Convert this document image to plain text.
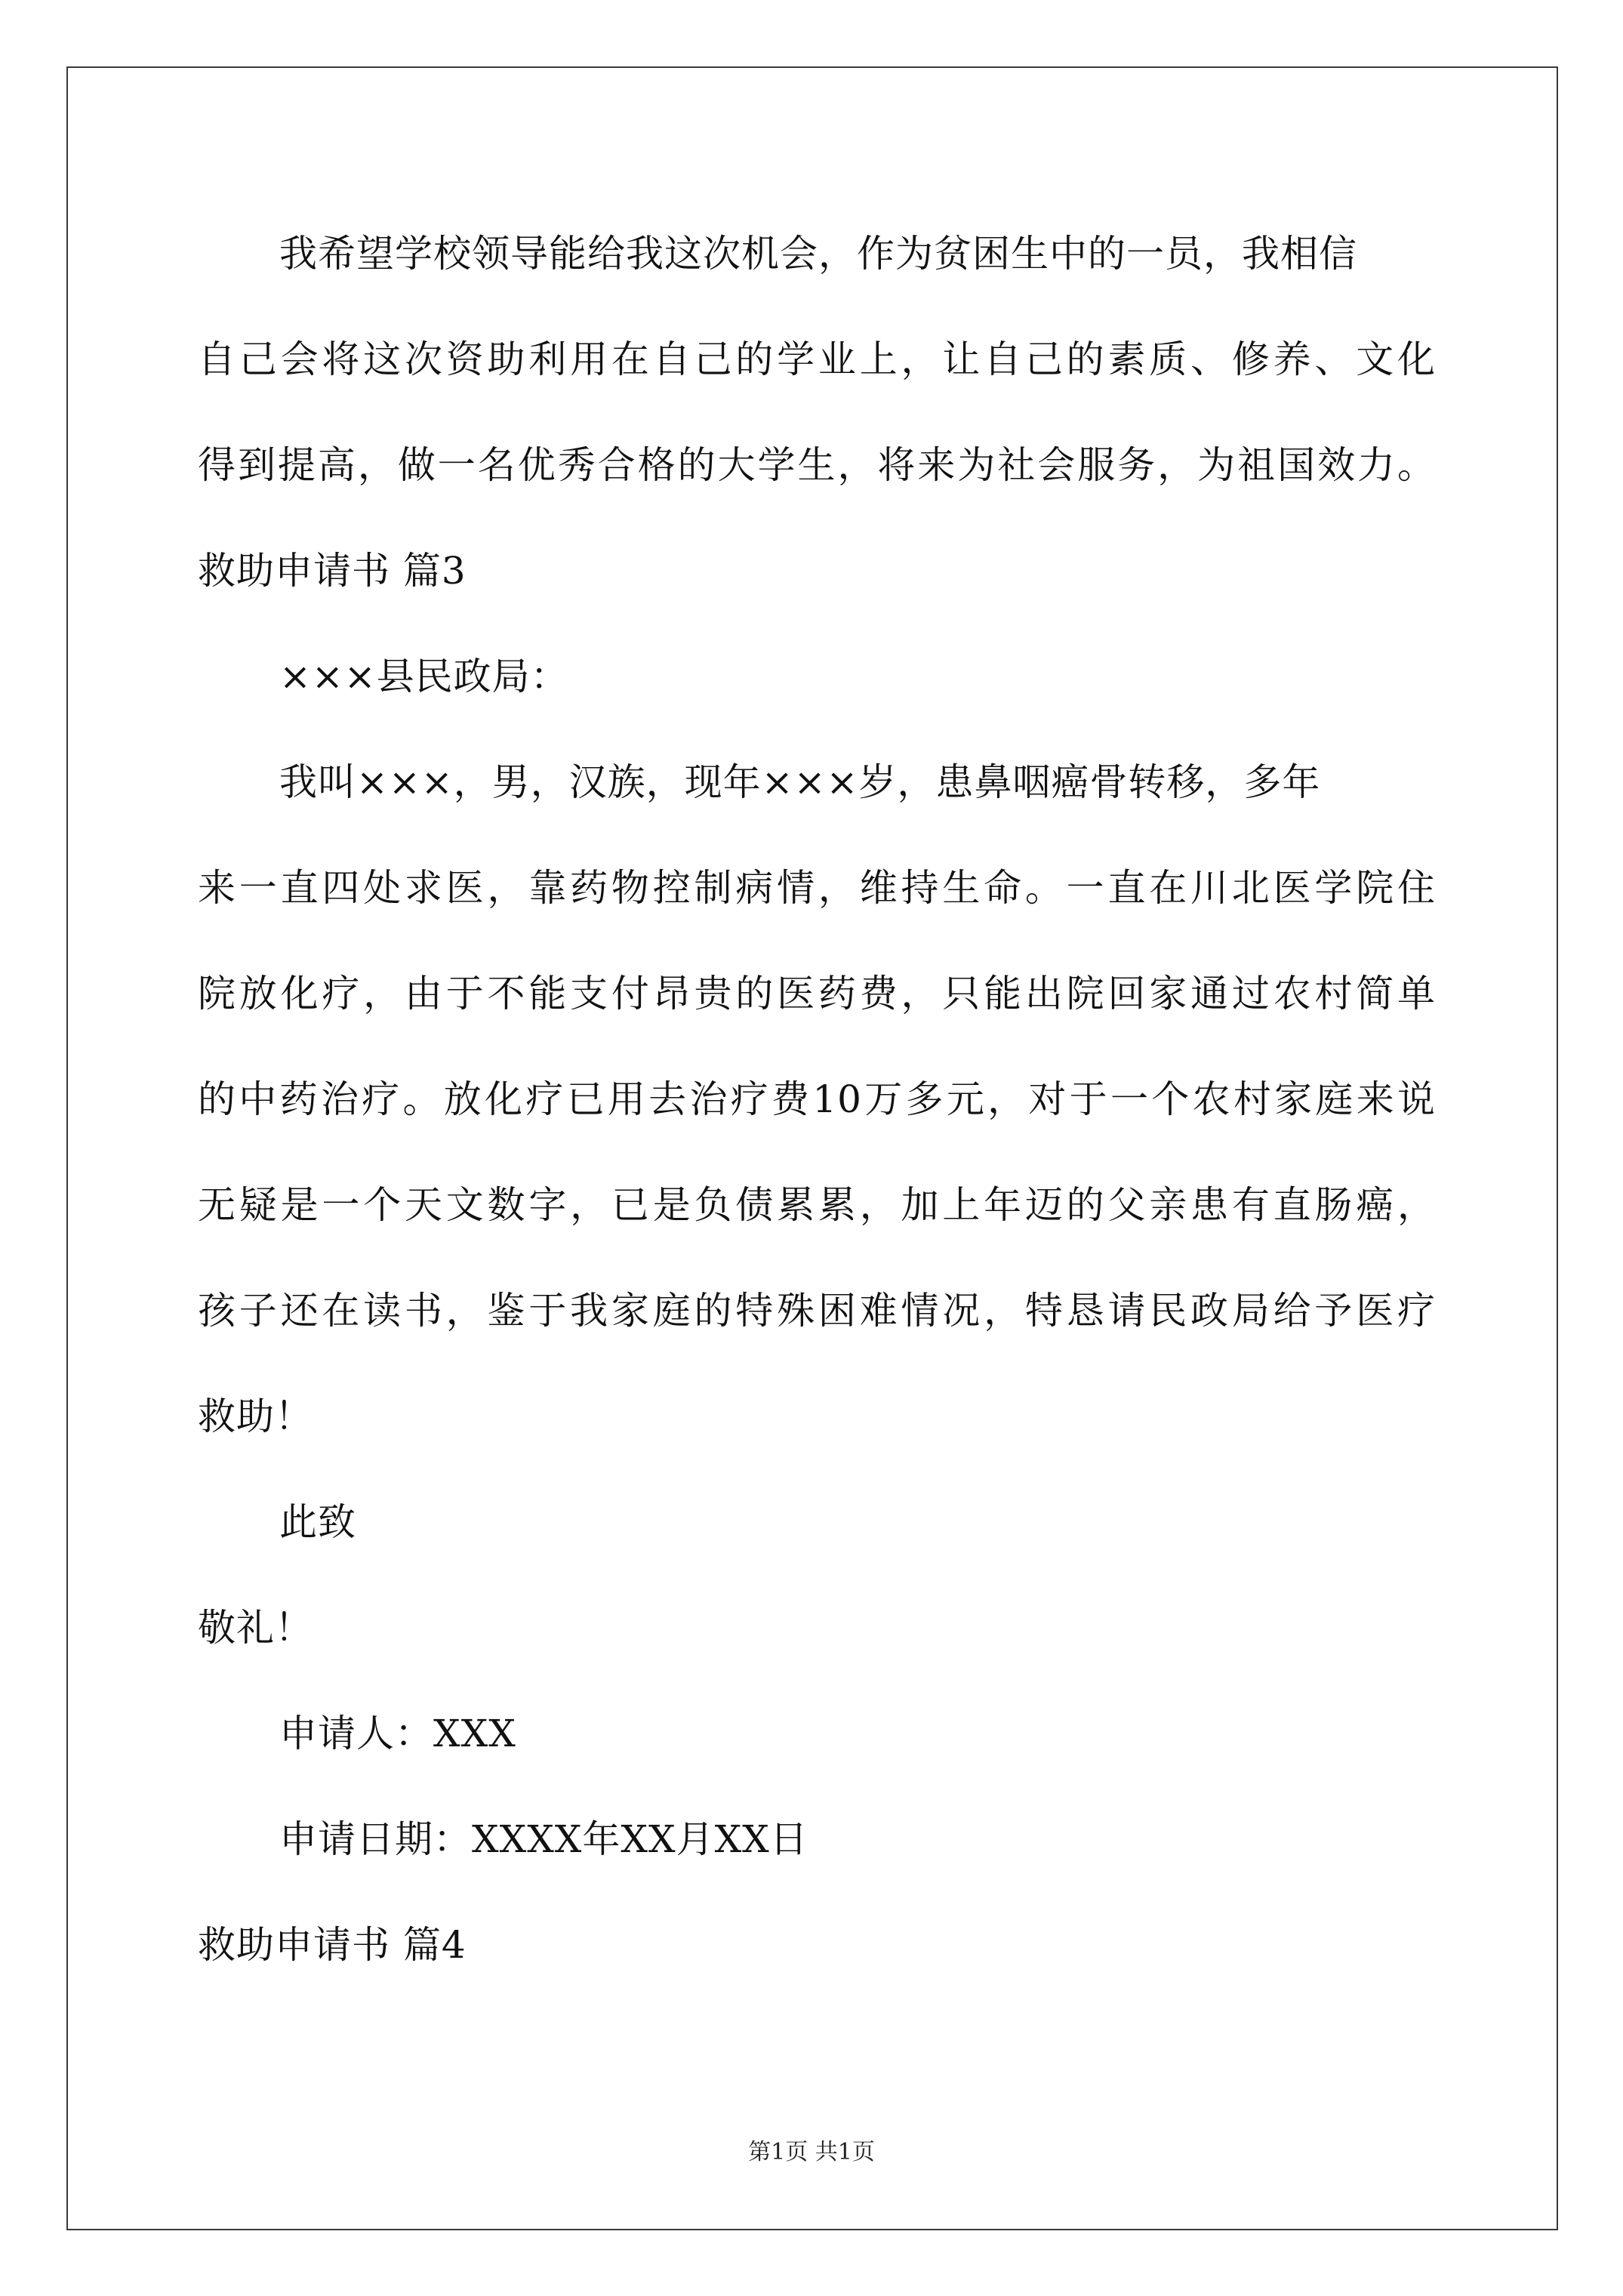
我希望学校领导能给我这次机会，作为贫困生中的一员，我相信
自己会将这次资助利用在自己的学业上，让自己的素质、修养、文化
得到提高，做一名优秀合格的大学生，将来为社会服务，为祖国效力。
救助申请书 篇3
×××县民政局：
我叫×××，男，汉族，现年×××岁，患鼻咽癌骨转移，多年
来一直四处求医，靠药物控制病情，维持生命。一直在川北医学院住
院放化疗，由于不能支付昂贵的医药费，只能出院回家通过农村简单
的中药治疗。放化疗已用去治疗费10万多元，对于一个农村家庭来说
无疑是一个天文数字，已是负债累累，加上年迈的父亲患有直肠癌，
孩子还在读书，鉴于我家庭的特殊困难情况，特恳请民政局给予医疗
救助！
此致
敬礼！
申请人：XXX
申请日期：XXXX年XX月XX日
救助申请书 篇4
第1页 共1页
